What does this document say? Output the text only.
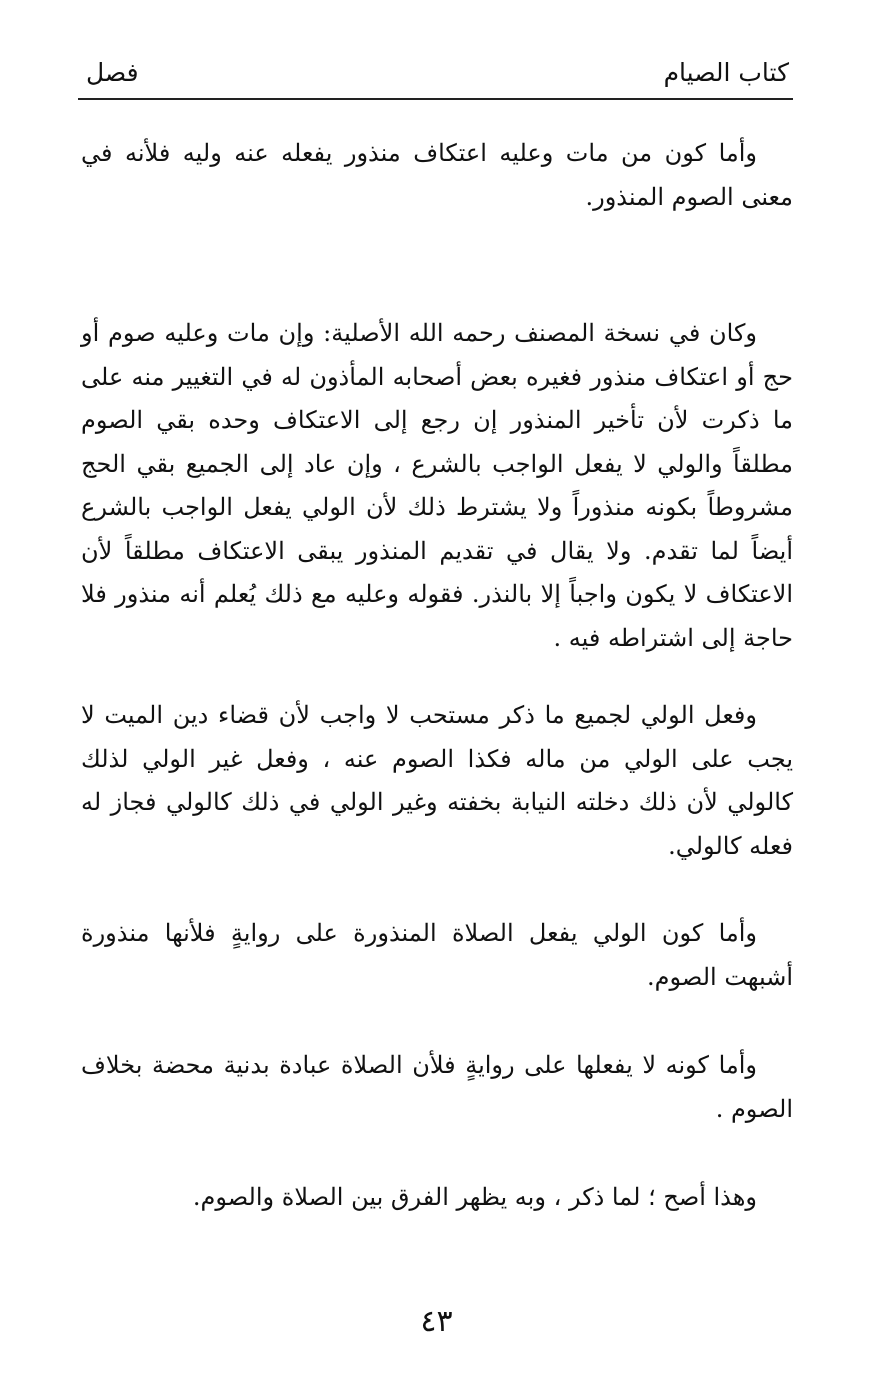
كتاب الصيام
فصل

وأما كون من مات وعليه اعتكاف منذور يفعله عنه وليه فلأنه في معنى الصوم المنذور.

وكان في نسخة المصنف رحمه الله الأصلية: وإن مات وعليه صوم أو حج أو اعتكاف منذور فغيره بعض أصحابه المأذون له في التغيير منه على ما ذكرت لأن تأخير المنذور إن رجع إلى الاعتكاف وحده بقي الصوم مطلقاً والولي لا يفعل الواجب بالشرع ، وإن عاد إلى الجميع بقي الحج مشروطاً بكونه منذوراً ولا يشترط ذلك لأن الولي يفعل الواجب بالشرع أيضاً لما تقدم. ولا يقال في تقديم المنذور يبقى الاعتكاف مطلقاً لأن الاعتكاف لا يكون واجباً إلا بالنذر. فقوله وعليه مع ذلك يُعلم أنه منذور فلا حاجة إلى اشتراطه فيه .

وفعل الولي لجميع ما ذكر مستحب لا واجب لأن قضاء دين الميت لا يجب على الولي من ماله فكذا الصوم عنه ، وفعل غير الولي لذلك كالولي لأن ذلك دخلته النيابة بخفته وغير الولي في ذلك كالولي فجاز له فعله كالولي.

وأما كون الولي يفعل الصلاة المنذورة على روايةٍ فلأنها منذورة أشبهت الصوم.

وأما كونه لا يفعلها على روايةٍ فلأن الصلاة عبادة بدنية محضة بخلاف الصوم .

وهذا أصح ؛ لما ذكر ، وبه يظهر الفرق بين الصلاة والصوم.

٤٣
